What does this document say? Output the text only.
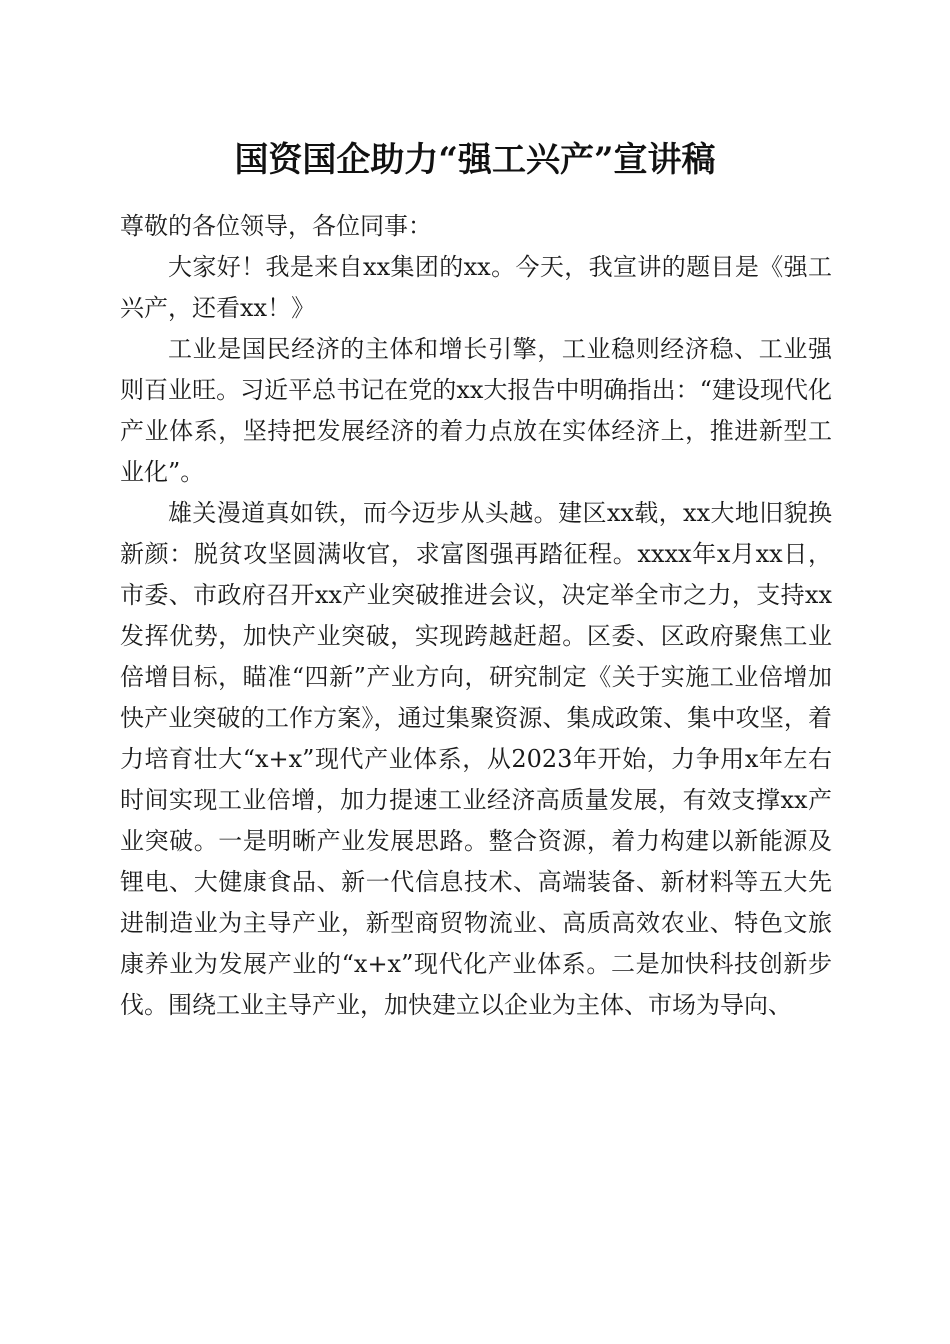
国资国企助力“强工兴产”宣讲稿

尊敬的各位领导，各位同事：

大家好！我是来自xx集团的xx。今天，我宣讲的题目是《强工兴产，还看xx！》

工业是国民经济的主体和增长引擎，工业稳则经济稳、工业强则百业旺。习近平总书记在党的xx大报告中明确指出：“建设现代化产业体系，坚持把发展经济的着力点放在实体经济上，推进新型工业化”。

雄关漫道真如铁，而今迈步从头越。建区xx载，xx大地旧貌换新颜：脱贫攻坚圆满收官，求富图强再踏征程。xxxx年x月xx日，市委、市政府召开xx产业突破推进会议，决定举全市之力，支持xx发挥优势，加快产业突破，实现跨越赶超。区委、区政府聚焦工业倍增目标，瞄准“四新”产业方向，研究制定《关于实施工业倍增加快产业突破的工作方案》，通过集聚资源、集成政策、集中攻坚，着力培育壮大“x+x”现代产业体系，从2023年开始，力争用x年左右时间实现工业倍增，加力提速工业经济高质量发展，有效支撑xx产业突破。一是明晰产业发展思路。整合资源，着力构建以新能源及锂电、大健康食品、新一代信息技术、高端装备、新材料等五大先进制造业为主导产业，新型商贸物流业、高质高效农业、特色文旅康养业为发展产业的“x+x”现代化产业体系。二是加快科技创新步伐。围绕工业主导产业，加快建立以企业为主体、市场为导向、
